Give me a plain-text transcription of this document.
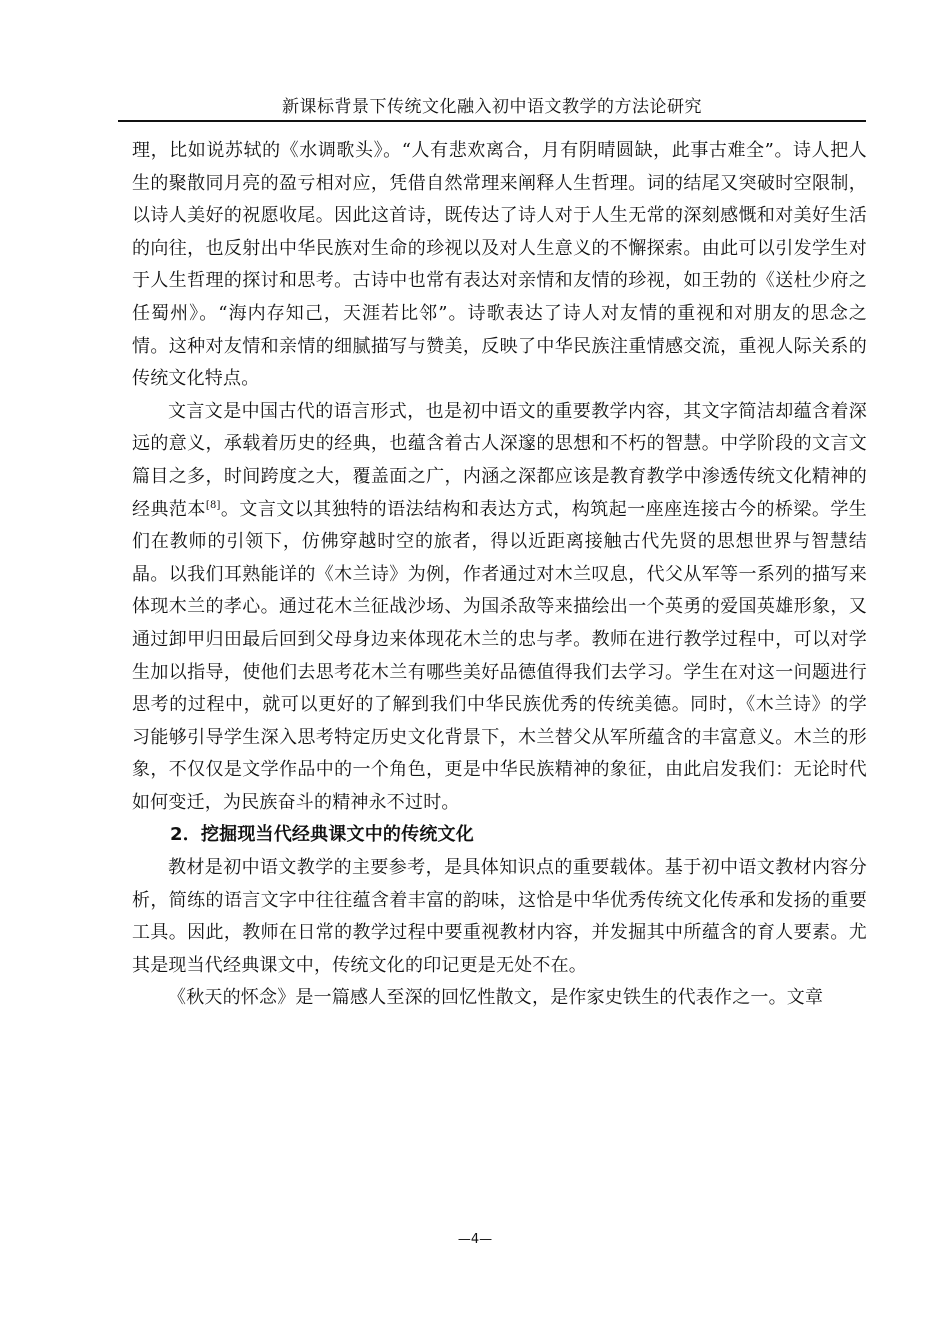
新课标背景下传统文化融入初中语文教学的方法论研究

理，比如说苏轼的《水调歌头》。“人有悲欢离合，月有阴晴圆缺，此事古难全”。诗人把人生的聚散同月亮的盈亏相对应，凭借自然常理来阐释人生哲理。词的结尾又突破时空限制，以诗人美好的祝愿收尾。因此这首诗，既传达了诗人对于人生无常的深刻感慨和对美好生活的向往，也反射出中华民族对生命的珍视以及对人生意义的不懈探索。由此可以引发学生对于人生哲理的探讨和思考。古诗中也常有表达对亲情和友情的珍视，如王勃的《送杜少府之任蜀州》。“海内存知己，天涯若比邻”。诗歌表达了诗人对友情的重视和对朋友的思念之情。这种对友情和亲情的细腻描写与赞美，反映了中华民族注重情感交流，重视人际关系的传统文化特点。

文言文是中国古代的语言形式，也是初中语文的重要教学内容，其文字简洁却蕴含着深远的意义，承载着历史的经典，也蕴含着古人深邃的思想和不朽的智慧。中学阶段的文言文篇目之多，时间跨度之大，覆盖面之广，内涵之深都应该是教育教学中渗透传统文化精神的经典范本[8]。文言文以其独特的语法结构和表达方式，构筑起一座座连接古今的桥梁。学生们在教师的引领下，仿佛穿越时空的旅者，得以近距离接触古代先贤的思想世界与智慧结晶。以我们耳熟能详的《木兰诗》为例，作者通过对木兰叹息，代父从军等一系列的描写来体现木兰的孝心。通过花木兰征战沙场、为国杀敌等来描绘出一个英勇的爱国英雄形象，又通过卸甲归田最后回到父母身边来体现花木兰的忠与孝。教师在进行教学过程中，可以对学生加以指导，使他们去思考花木兰有哪些美好品德值得我们去学习。学生在对这一问题进行思考的过程中，就可以更好的了解到我们中华民族优秀的传统美德。同时，《木兰诗》的学习能够引导学生深入思考特定历史文化背景下，木兰替父从军所蕴含的丰富意义。木兰的形象，不仅仅是文学作品中的一个角色，更是中华民族精神的象征，由此启发我们：无论时代如何变迁，为民族奋斗的精神永不过时。

2．挖掘现当代经典课文中的传统文化

教材是初中语文教学的主要参考，是具体知识点的重要载体。基于初中语文教材内容分析，简练的语言文字中往往蕴含着丰富的韵味，这恰是中华优秀传统文化传承和发扬的重要工具。因此，教师在日常的教学过程中要重视教材内容，并发掘其中所蕴含的育人要素。尤其是现当代经典课文中，传统文化的印记更是无处不在。

《秋天的怀念》是一篇感人至深的回忆性散文，是作家史铁生的代表作之一。文章

—4—
